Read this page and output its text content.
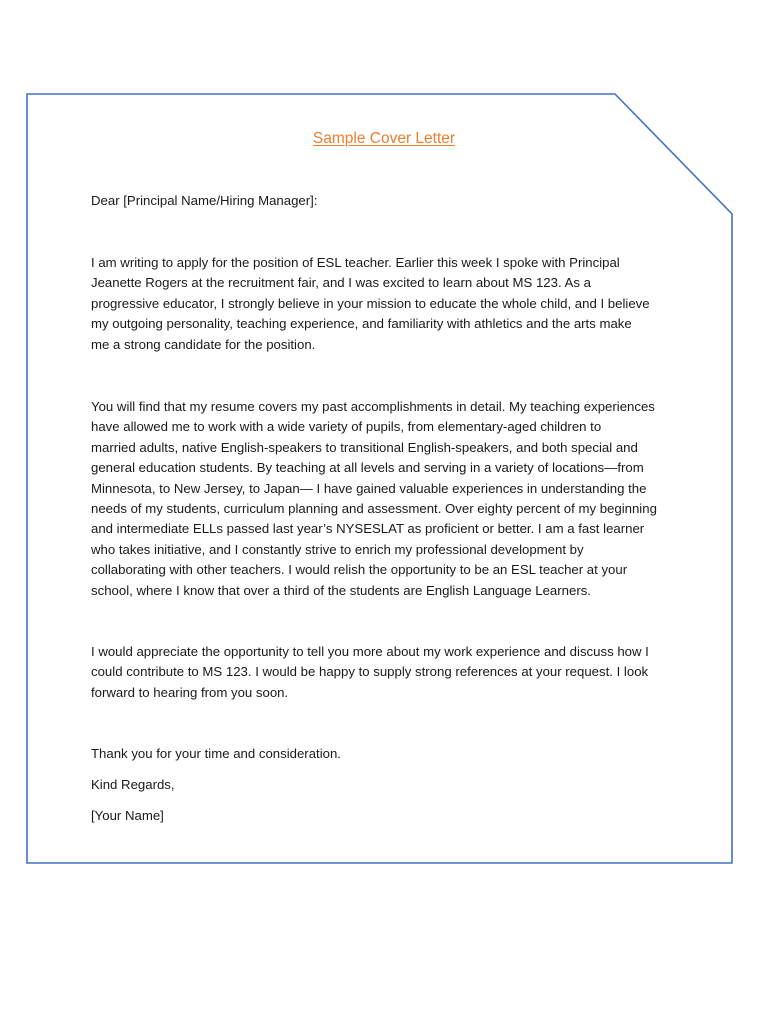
Sample Cover Letter

Dear [Principal Name/Hiring Manager]:

I am writing to apply for the position of ESL teacher. Earlier this week I spoke with Principal
Jeanette Rogers at the recruitment fair, and I was excited to learn about MS 123. As a
progressive educator, I strongly believe in your mission to educate the whole child, and I believe
my outgoing personality, teaching experience, and familiarity with athletics and the arts make
me a strong candidate for the position.

You will find that my resume covers my past accomplishments in detail. My teaching experiences
have allowed me to work with a wide variety of pupils, from elementary-aged children to
married adults, native English-speakers to transitional English-speakers, and both special and
general education students. By teaching at all levels and serving in a variety of locations—from
Minnesota, to New Jersey, to Japan— I have gained valuable experiences in understanding the
needs of my students, curriculum planning and assessment. Over eighty percent of my beginning
and intermediate ELLs passed last year’s NYSESLAT as proficient or better. I am a fast learner
who takes initiative, and I constantly strive to enrich my professional development by
collaborating with other teachers. I would relish the opportunity to be an ESL teacher at your
school, where I know that over a third of the students are English Language Learners.

I would appreciate the opportunity to tell you more about my work experience and discuss how I
could contribute to MS 123. I would be happy to supply strong references at your request. I look
forward to hearing from you soon.

Thank you for your time and consideration.

Kind Regards,

[Your Name]
